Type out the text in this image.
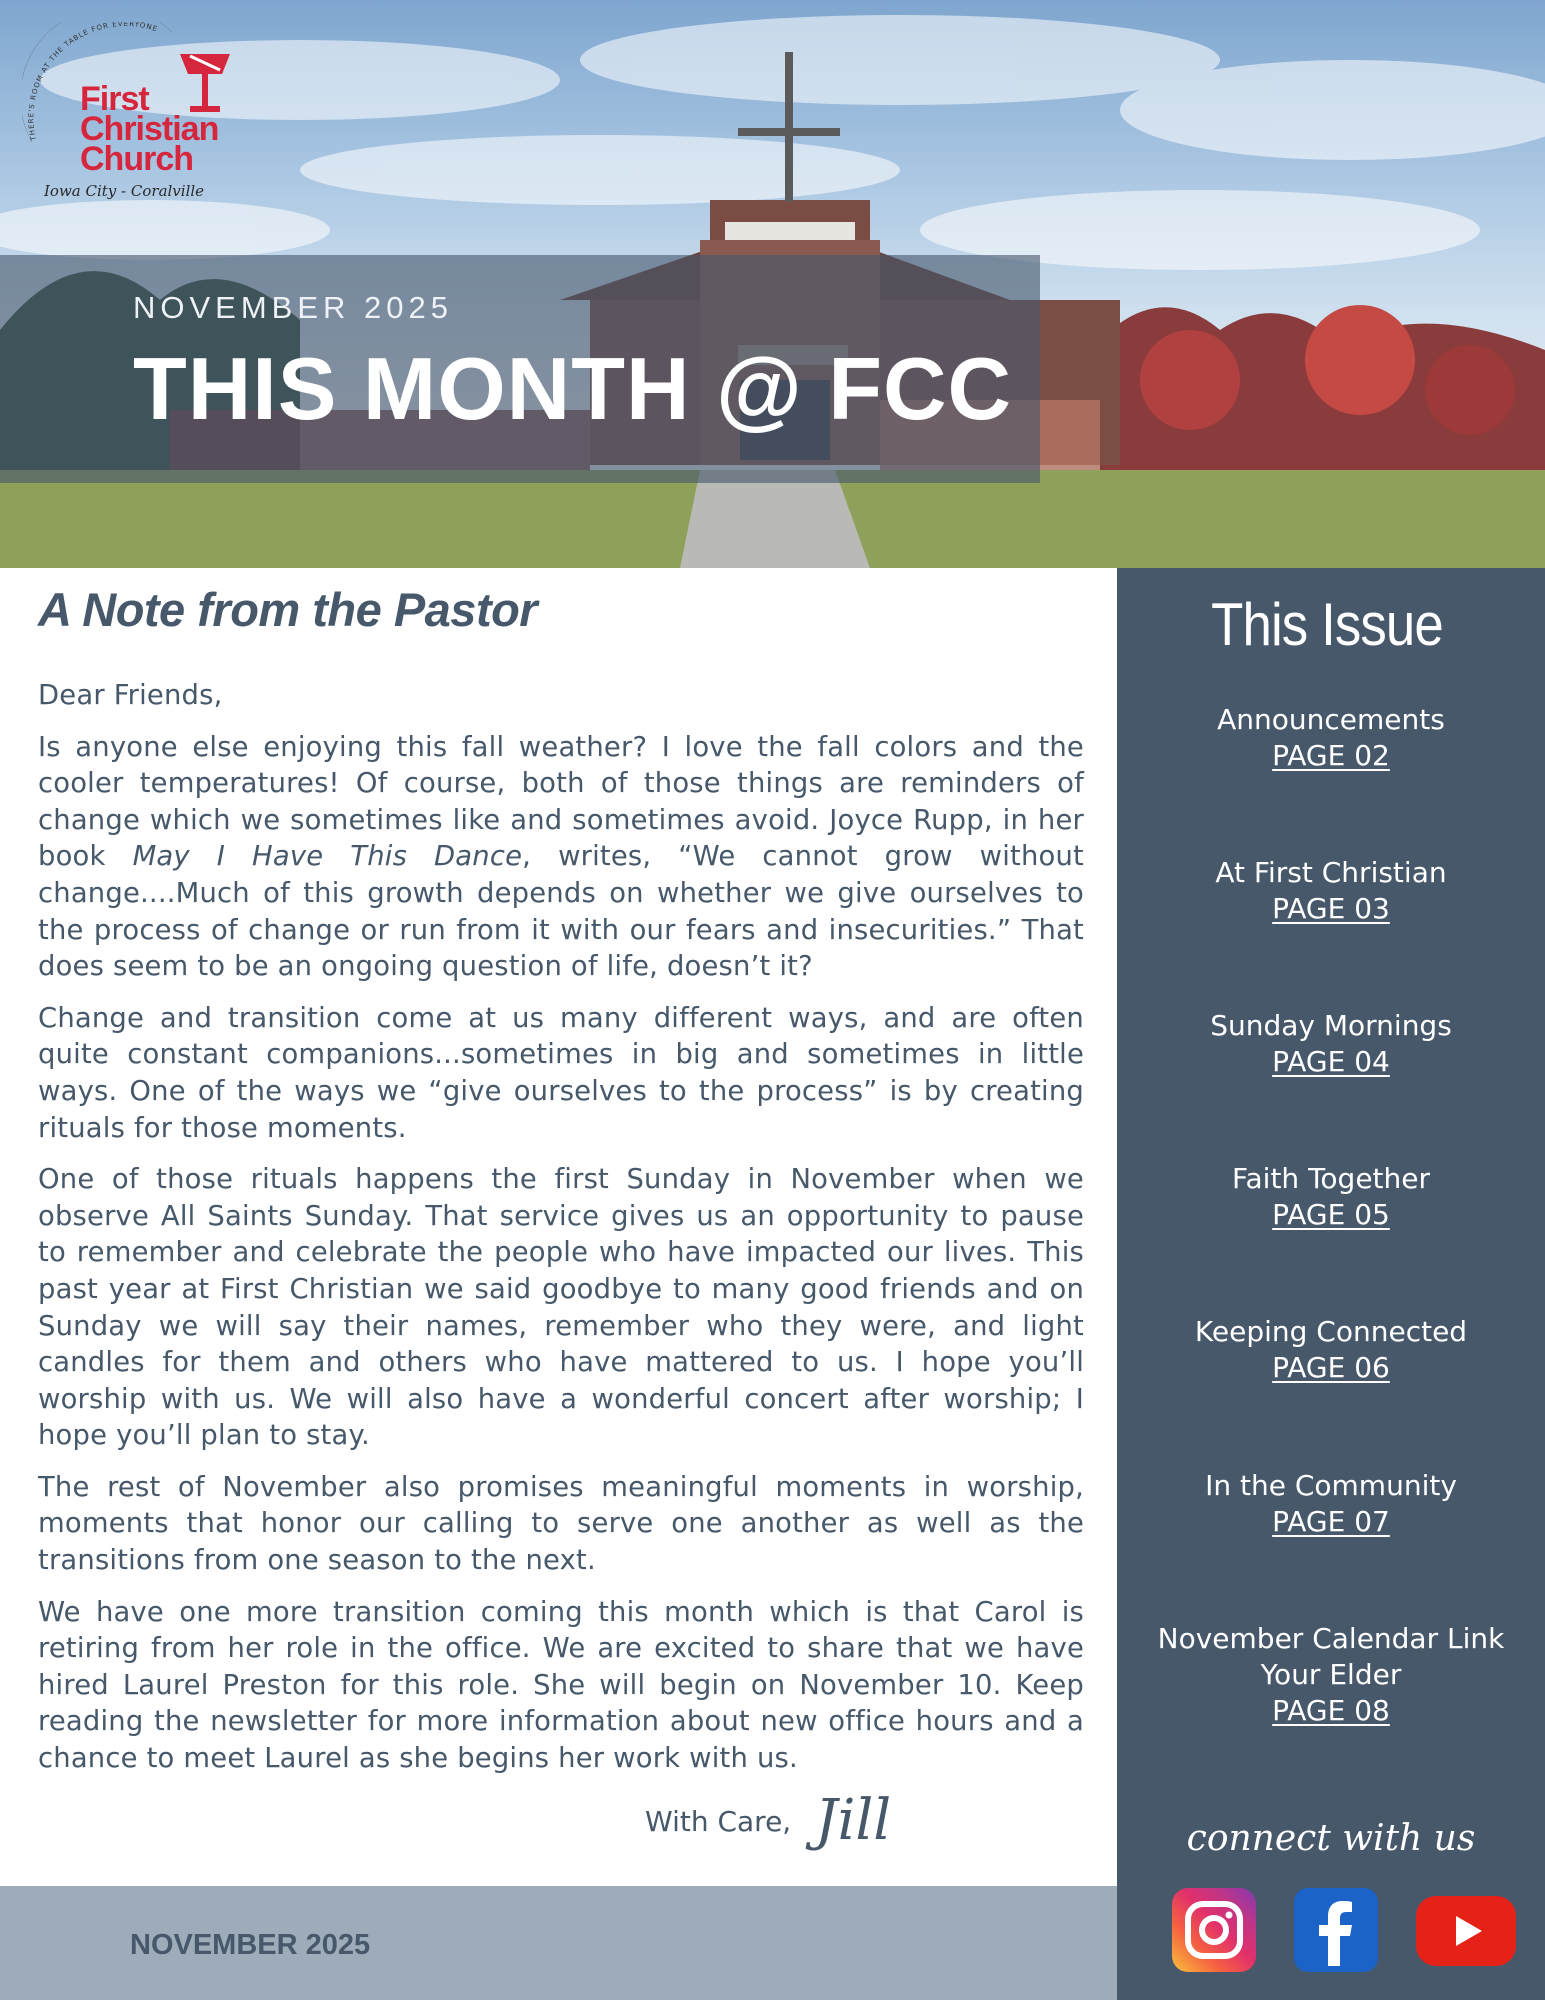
THERE'S ROOM AT THE TABLE FOR EVERYONE
First
Christian
Church
Iowa City - Coralville
NOVEMBER 2025
THIS MONTH @ FCC
A Note from the Pastor

Dear Friends,

Is anyone else enjoying this fall weather? I love the fall colors and the cooler temperatures! Of course, both of those things are reminders of change which we sometimes like and sometimes avoid. Joyce Rupp, in her book May I Have This Dance, writes, “We cannot grow without change....Much of this growth depends on whether we give ourselves to the process of change or run from it with our fears and insecurities.” That does seem to be an ongoing question of life, doesn’t it?

Change and transition come at us many different ways, and are often quite constant companions...sometimes in big and sometimes in little ways. One of the ways we “give ourselves to the process” is by creating rituals for those moments.

One of those rituals happens the first Sunday in November when we observe All Saints Sunday. That service gives us an opportunity to pause to remember and celebrate the people who have impacted our lives. This past year at First Christian we said goodbye to many good friends and on Sunday we will say their names, remember who they were, and light candles for them and others who have mattered to us. I hope you’ll worship with us. We will also have a wonderful concert after worship; I hope you’ll plan to stay.

The rest of November also promises meaningful moments in worship, moments that honor our calling to serve one another as well as the transitions from one season to the next.

We have one more transition coming this month which is that Carol is retiring from her role in the office. We are excited to share that we have hired Laurel Preston for this role. She will begin on November 10. Keep reading the newsletter for more information about new office hours and a chance to meet Laurel as she begins her work with us.

With Care, Jill
NOVEMBER 2025
This Issue
Announcements
PAGE 02
At First Christian
PAGE 03
Sunday Mornings
PAGE 04
Faith Together
PAGE 05
Keeping Connected
PAGE 06
In the Community
PAGE 07
November Calendar Link
Your Elder
PAGE 08
connect with us
